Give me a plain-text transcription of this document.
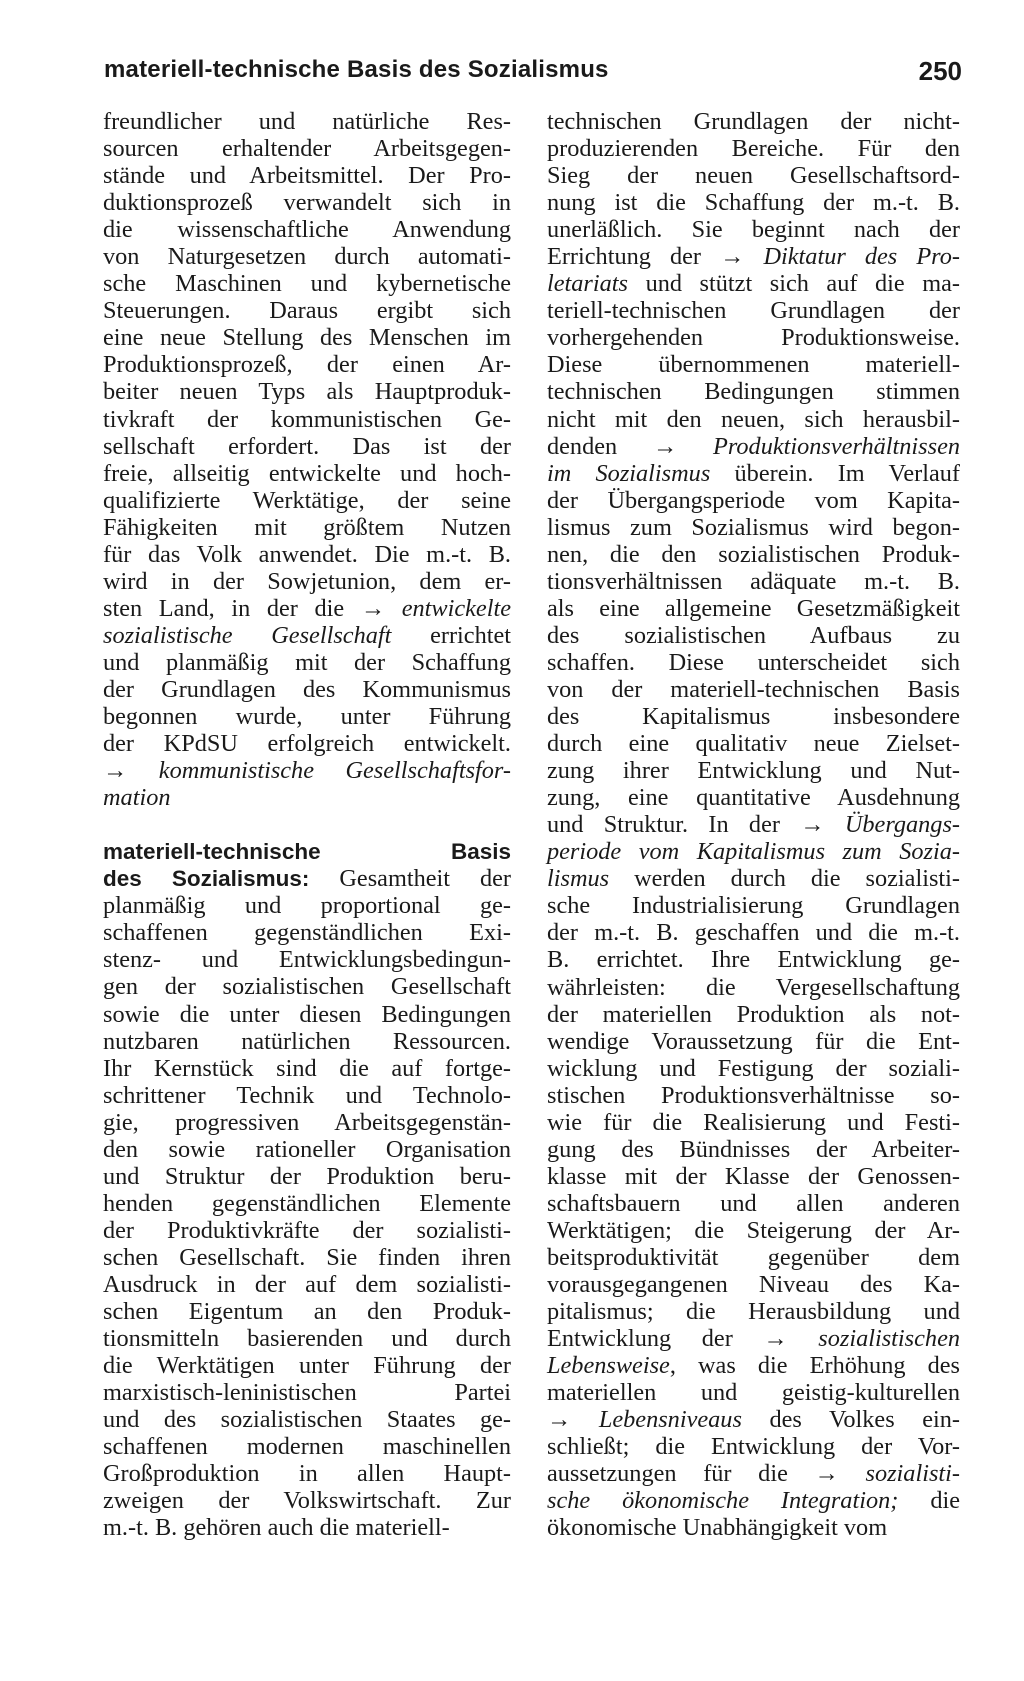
materiell-technische Basis des Sozialismus	250

freundlicher und natürliche Res-

sourcen erhaltender Arbeitsgegen-

stände und Arbeitsmittel. Der Pro-

duktionsprozeß verwandelt sich in

die wissenschaftliche Anwendung

von Naturgesetzen durch automati-

sche Maschinen und kybernetische

Steuerungen. Daraus ergibt sich

eine neue Stellung des Menschen im

Produktionsprozeß, der einen Ar-

beiter neuen Typs als Hauptproduk-

tivkraft der kommunistischen Ge-

sellschaft erfordert. Das ist der

freie, allseitig entwickelte und hoch-

qualifizierte Werktätige, der seine

Fähigkeiten mit größtem Nutzen

für das Volk anwendet. Die m.-t. B.

wird in der Sowjetunion, dem er-

sten Land, in der die → entwickelte

sozialistische Gesellschaft errichtet

und planmäßig mit der Schaffung

der Grundlagen des Kommunismus

begonnen wurde, unter Führung

der KPdSU erfolgreich entwickelt.

→ kommunistische Gesellschaftsfor-

mation

materiell-technische Basis

des Sozialismus: Gesamtheit der

planmäßig und proportional ge-

schaffenen gegenständlichen Exi-

stenz- und Entwicklungsbedingun-

gen der sozialistischen Gesellschaft

sowie die unter diesen Bedingungen

nutzbaren natürlichen Ressourcen.

Ihr Kernstück sind die auf fortge-

schrittener Technik und Technolo-

gie, progressiven Arbeitsgegenstän-

den sowie rationeller Organisation

und Struktur der Produktion beru-

henden gegenständlichen Elemente

der Produktivkräfte der sozialisti-

schen Gesellschaft. Sie finden ihren

Ausdruck in der auf dem sozialisti-

schen Eigentum an den Produk-

tionsmitteln basierenden und durch

die Werktätigen unter Führung der

marxistisch-leninistischen Partei

und des sozialistischen Staates ge-

schaffenen modernen maschinellen

Großproduktion in allen Haupt-

zweigen der Volkswirtschaft. Zur

m.-t. B. gehören auch die materiell-

technischen Grundlagen der nicht-

produzierenden Bereiche. Für den

Sieg der neuen Gesellschaftsord-

nung ist die Schaffung der m.-t. B.

unerläßlich. Sie beginnt nach der

Errichtung der → Diktatur des Pro-

letariats und stützt sich auf die ma-

teriell-technischen Grundlagen der

vorhergehenden Produktionsweise.

Diese übernommenen materiell-

technischen Bedingungen stimmen

nicht mit den neuen, sich herausbil-

denden → Produktionsverhältnissen

im Sozialismus überein. Im Verlauf

der Übergangsperiode vom Kapita-

lismus zum Sozialismus wird begon-

nen, die den sozialistischen Produk-

tionsverhältnissen adäquate m.-t. B.

als eine allgemeine Gesetzmäßigkeit

des sozialistischen Aufbaus zu

schaffen. Diese unterscheidet sich

von der materiell-technischen Basis

des Kapitalismus insbesondere

durch eine qualitativ neue Zielset-

zung ihrer Entwicklung und Nut-

zung, eine quantitative Ausdehnung

und Struktur. In der → Übergangs-

periode vom Kapitalismus zum Sozia-

lismus werden durch die sozialisti-

sche Industrialisierung Grundlagen

der m.-t. B. geschaffen und die m.-t.

B. errichtet. Ihre Entwicklung ge-

währleisten: die Vergesellschaftung

der materiellen Produktion als not-

wendige Voraussetzung für die Ent-

wicklung und Festigung der soziali-

stischen Produktionsverhältnisse so-

wie für die Realisierung und Festi-

gung des Bündnisses der Arbeiter-

klasse mit der Klasse der Genossen-

schaftsbauern und allen anderen

Werktätigen; die Steigerung der Ar-

beitsproduktivität gegenüber dem

vorausgegangenen Niveau des Ka-

pitalismus; die Herausbildung und

Entwicklung der → sozialistischen

Lebensweise, was die Erhöhung des

materiellen und geistig-kulturellen

→ Lebensniveaus des Volkes ein-

schließt; die Entwicklung der Vor-

aussetzungen für die → sozialisti-

sche ökonomische Integration; die

ökonomische Unabhängigkeit vom
